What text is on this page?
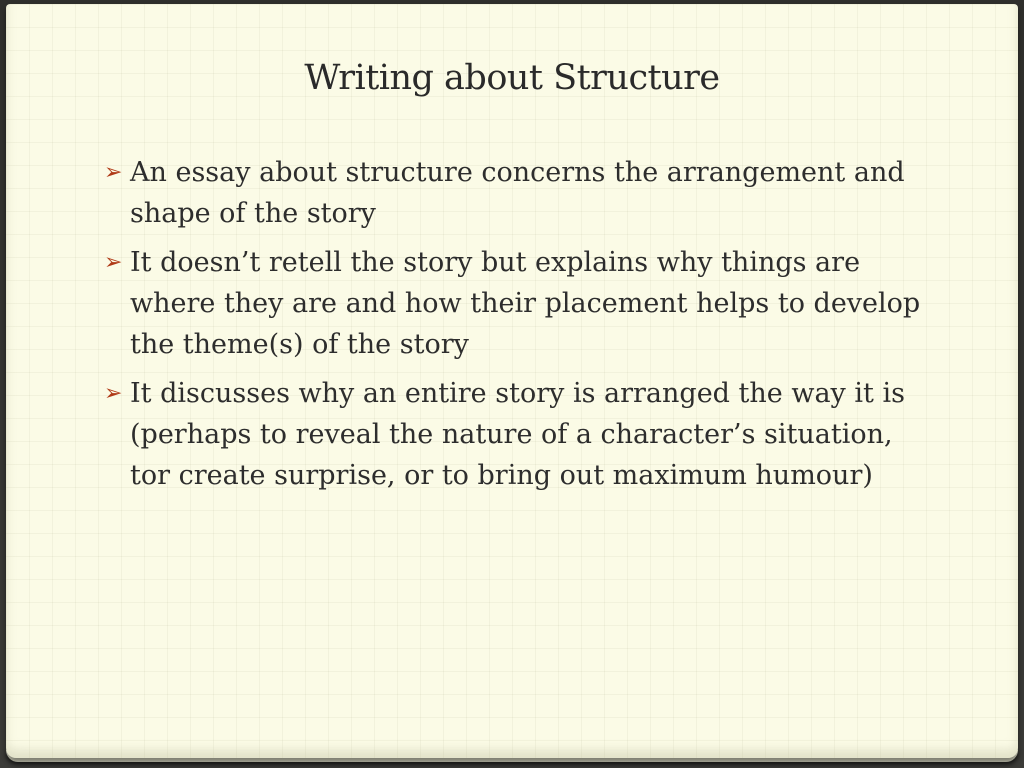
Writing about Structure
➢ An essay about structure concerns the arrangement and shape of the story
➢ It doesn’t retell the story but explains why things are where they are and how their placement helps to develop the theme(s) of the story
➢ It discusses why an entire story is arranged the way it is (perhaps to reveal the nature of a character’s situation, tor create surprise, or to bring out maximum humour)
